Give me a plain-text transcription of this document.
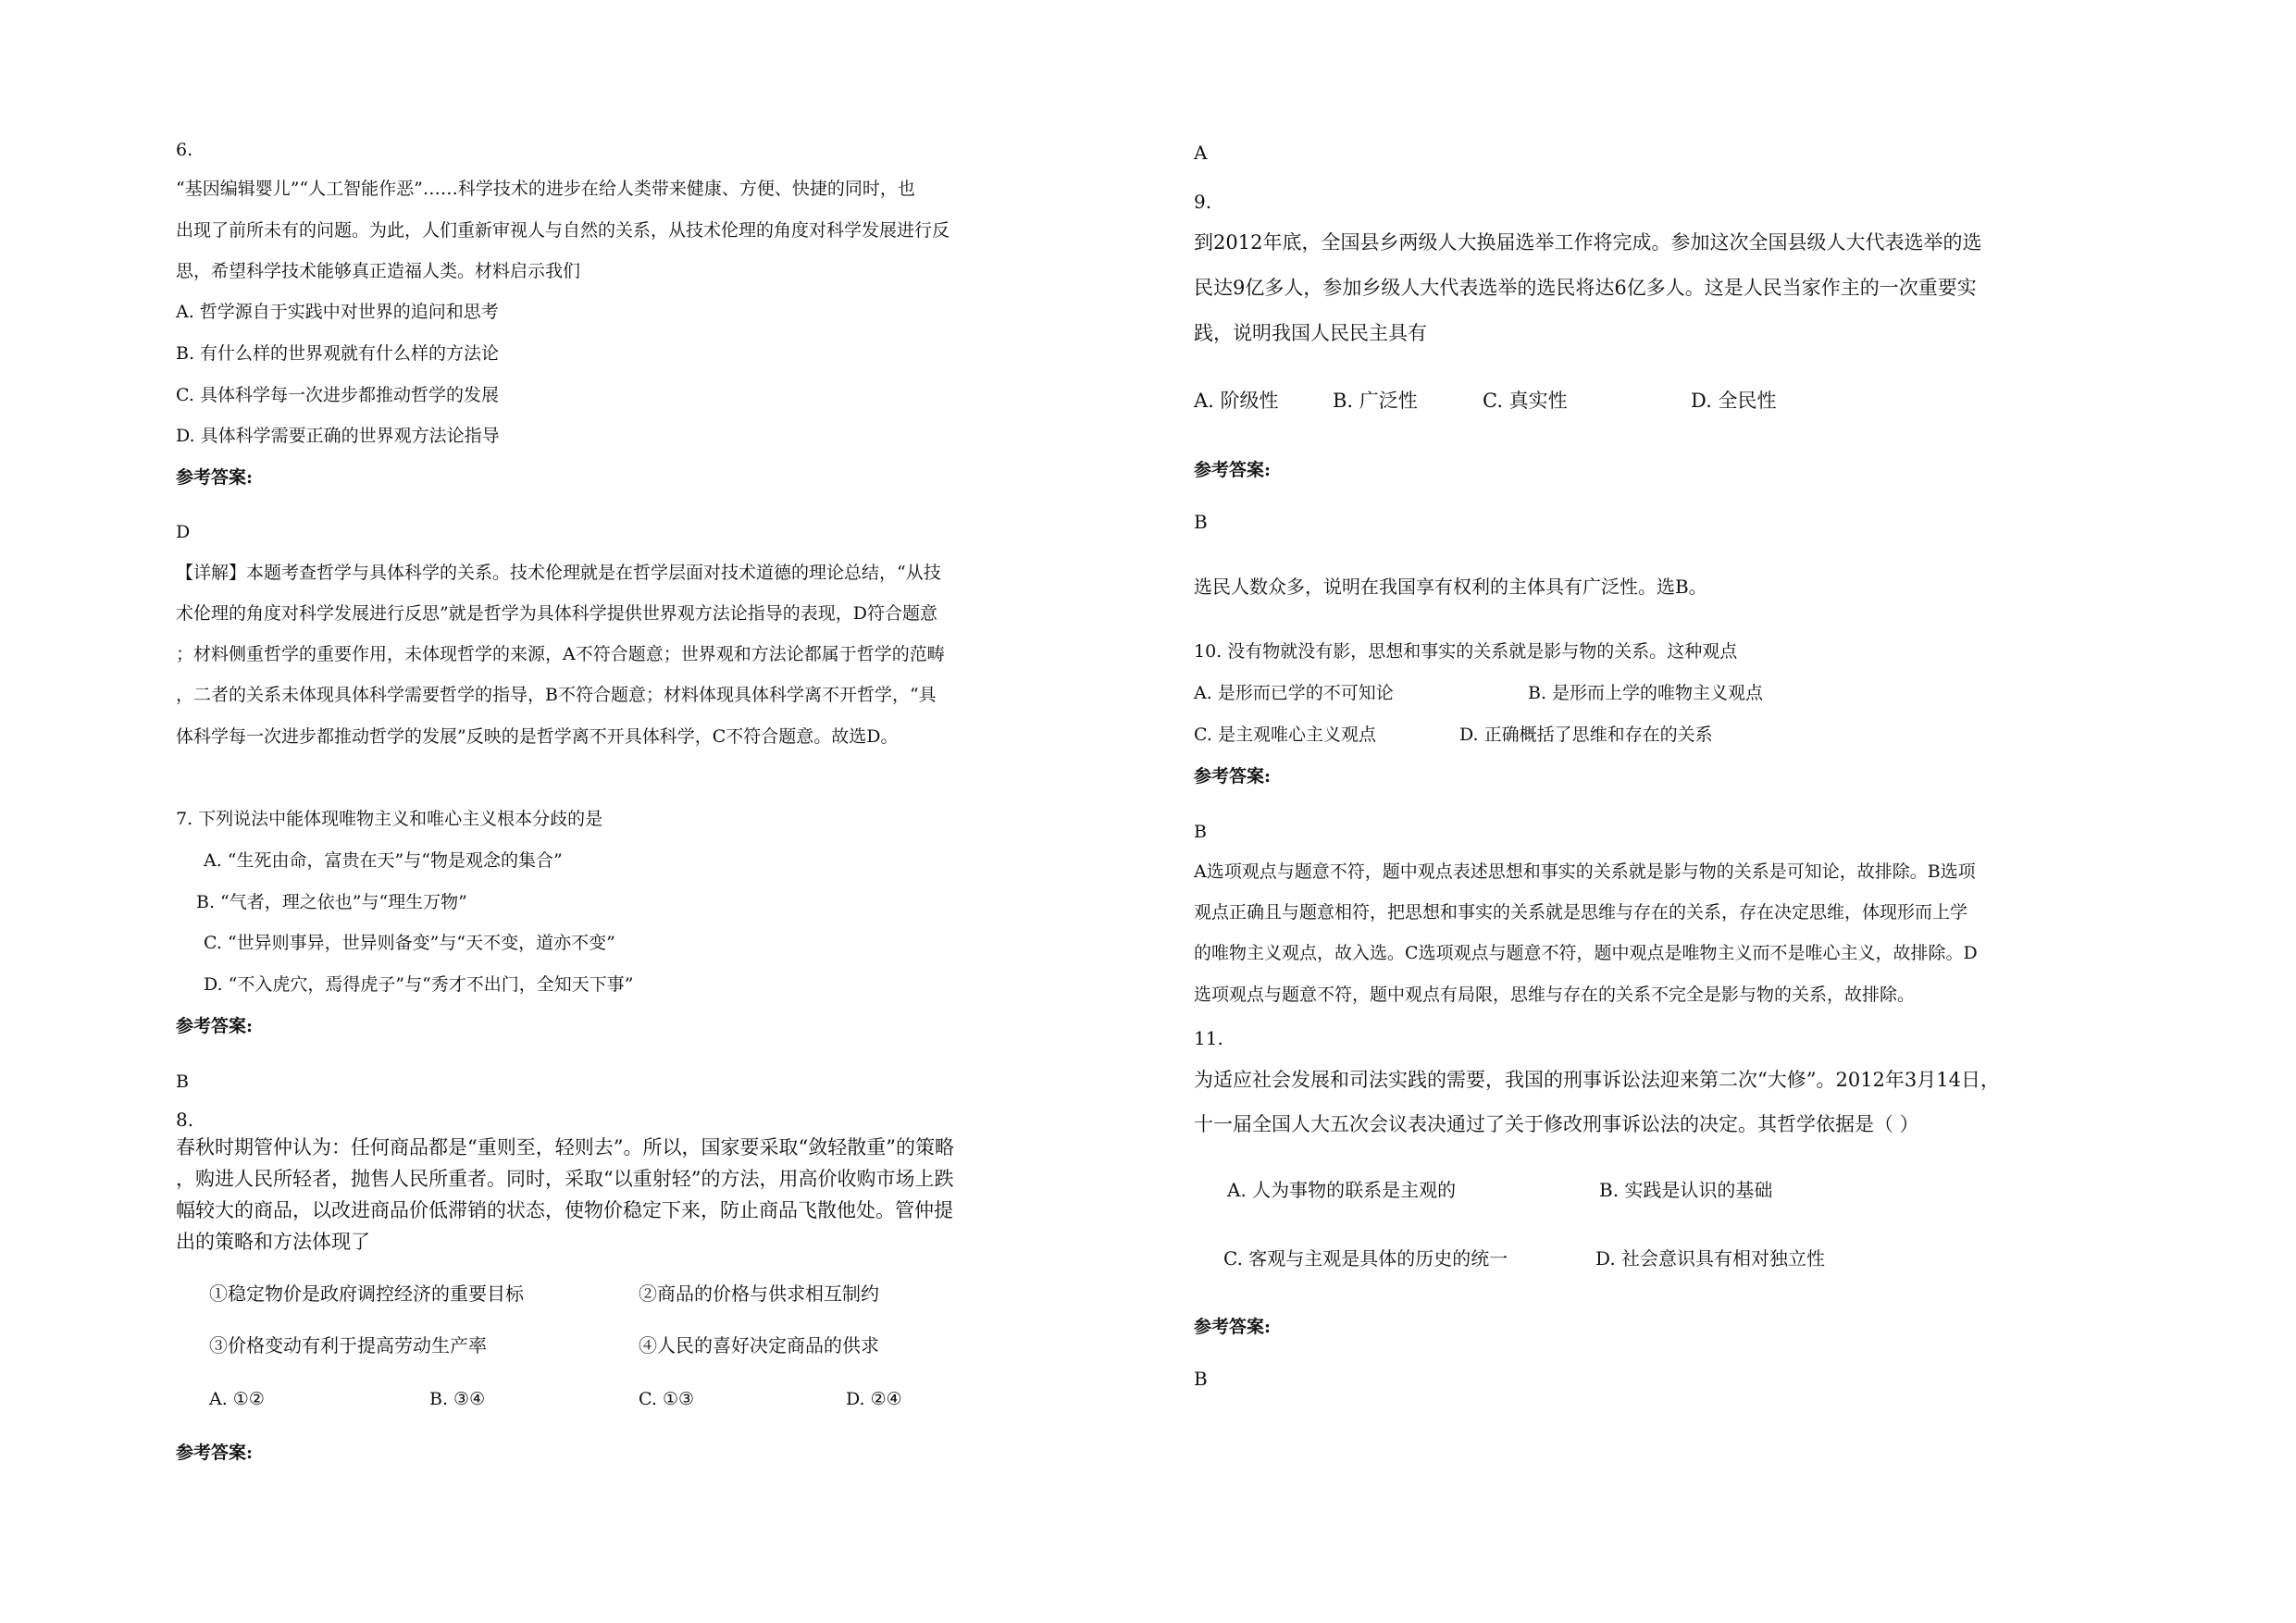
6.
“基因编辑婴儿”“人工智能作恶”……科学技术的进步在给人类带来健康、方便、快捷的同时，也
出现了前所未有的问题。为此，人们重新审视人与自然的关系，从技术伦理的角度对科学发展进行反
思，希望科学技术能够真正造福人类。材料启示我们
A. 哲学源自于实践中对世界的追问和思考
B. 有什么样的世界观就有什么样的方法论
C. 具体科学每一次进步都推动哲学的发展
D. 具体科学需要正确的世界观方法论指导
参考答案:
D
【详解】本题考查哲学与具体科学的关系。技术伦理就是在哲学层面对技术道德的理论总结，“从技
术伦理的角度对科学发展进行反思”就是哲学为具体科学提供世界观方法论指导的表现，D符合题意
；材料侧重哲学的重要作用，未体现哲学的来源，A不符合题意；世界观和方法论都属于哲学的范畴
，二者的关系未体现具体科学需要哲学的指导，B不符合题意；材料体现具体科学离不开哲学，“具
体科学每一次进步都推动哲学的发展”反映的是哲学离不开具体科学，C不符合题意。故选D。
7. 下列说法中能体现唯物主义和唯心主义根本分歧的是
A. “生死由命，富贵在天”与“物是观念的集合”
B. “气者，理之依也”与“理生万物”
C. “世异则事异，世异则备变”与“天不变，道亦不变”
D. “不入虎穴，焉得虎子”与“秀才不出门，全知天下事”
参考答案:
B
8.
春秋时期管仲认为：任何商品都是“重则至，轻则去”。所以，国家要采取“敛轻散重”的策略
，购进人民所轻者，抛售人民所重者。同时，采取“以重射轻”的方法，用高价收购市场上跌
幅较大的商品，以改进商品价低滞销的状态，使物价稳定下来，防止商品飞散他处。管仲提
出的策略和方法体现了
①稳定物价是政府调控经济的重要目标	②商品的价格与供求相互制约
③价格变动有利于提高劳动生产率	④人民的喜好决定商品的供求
A. ①②	B. ③④	C. ①③	D. ②④
参考答案:
A
9.
到2012年底，全国县乡两级人大换届选举工作将完成。参加这次全国县级人大代表选举的选
民达9亿多人，参加乡级人大代表选举的选民将达6亿多人。这是人民当家作主的一次重要实
践，说明我国人民民主具有
A. 阶级性	B. 广泛性	C. 真实性	D. 全民性
参考答案:
B
选民人数众多，说明在我国享有权利的主体具有广泛性。选B。
10. 没有物就没有影，思想和事实的关系就是影与物的关系。这种观点
A. 是形而已学的不可知论	B. 是形而上学的唯物主义观点
C. 是主观唯心主义观点	D. 正确概括了思维和存在的关系
参考答案:
B
A选项观点与题意不符，题中观点表述思想和事实的关系就是影与物的关系是可知论，故排除。B选项
观点正确且与题意相符，把思想和事实的关系就是思维与存在的关系，存在决定思维，体现形而上学
的唯物主义观点，故入选。C选项观点与题意不符，题中观点是唯物主义而不是唯心主义，故排除。D
选项观点与题意不符，题中观点有局限，思维与存在的关系不完全是影与物的关系，故排除。
11.
为适应社会发展和司法实践的需要，我国的刑事诉讼法迎来第二次“大修”。2012年3月14日，
十一届全国人大五次会议表决通过了关于修改刑事诉讼法的决定。其哲学依据是（ ）
A. 人为事物的联系是主观的	B. 实践是认识的基础
C. 客观与主观是具体的历史的统一	D. 社会意识具有相对独立性
参考答案:
B
